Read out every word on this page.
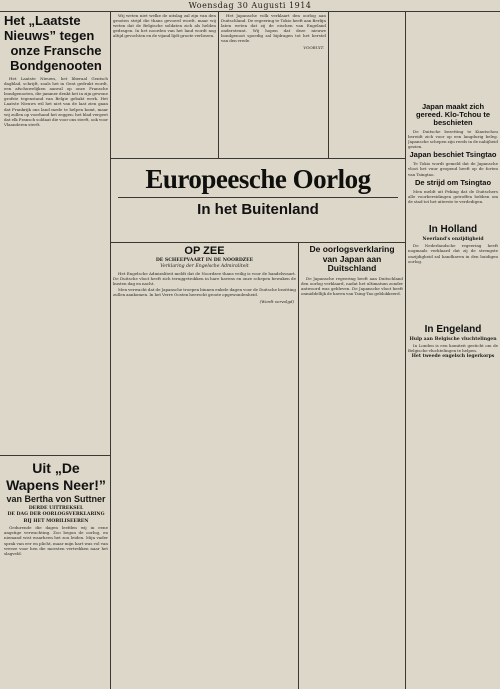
Woensdag 30 Augusti 1914
Het „Laatste Nieuws” tegen
onze Fransche Bondgenooten

Het Laatste Nieuws, het liberaal Gentsch dagblad, schrijft, zoals het in Gent gedrukt wordt, een afschuwelijken aanval op onze Fransche bondgenooten, die jammer denkt het in zijn gewone grofste tegenstand van Belgie gebakt werk. Het Laatste Nieuws wil het niet van de laat zien gaan dat Frankrijk ons land mede te helpen komt, maar wij zullen op voorhand het zeggen: het blad vergeet dat elk Fransch soldaat die voor ons sterft, ook voor Vlaanderen sterft.

Uit „De Wapens Neer!”
van Bertha von Suttner
DERDE UITTREKSEL
DE DAG DER OORLOGSVERKLARING
BIJ HET MOBILISEEREN

Gedurende die dagen leefden wij in eene angstige verwachting. Zoo begon de oorlog, en niemand wist waarheen het zou leiden. Mijn vader sprak van eer en plicht, maar mijn hart was vol van vreeze voor hen die moesten vertrekken naar het slagveld.

Wij weten niet welke de uitslag zal zijn van den grooten strijd die thans gevoerd wordt, maar wij weten dat de Belgische soldaten zich als helden gedragen. In het noorden van het land wordt nog altijd gevochten en de vijand lijdt groote verliezen.

Het Japansche volk verklaart den oorlog aan Duitschland. De regeering te Tokio heeft aan Berlijn laten weten dat zij de eischen van Engeland ondersteunt. Wij hopen dat deze nieuwe bondgenoot spoedig zal bijdragen tot het herstel van den vrede.

VOORUIT.
Europeesche Oorlog
In het Buitenland
OP ZEE
DE SCHEEPVAART IN DE NOORDZEE
Verklaring der Engelsche Admiraliteit

Het Engelsche Admiraliteit meldt dat de Noordzee thans veilig is voor de handelsvaart. De Duitsche vloot heeft zich teruggetrokken in hare havens en onze schepen bewaken de kusten dag en nacht.

Men verwacht dat de Japansche troepen binnen enkele dagen voor de Duitsche bezitting zullen aankomen. In het Verre Oosten heerscht groote opgewondenheid.

(Wordt vervolgd)
De oorlogsverklaring van Japan aan Duitschland

De Japansche regeering heeft aan Duitschland den oorlog verklaard, nadat het ultimatum zonder antwoord was gebleven. De Japansche vloot heeft onmiddellijk de haven van Tsing-Tao geblokkeerd.

Japan maakt zich gereed. Klo-Tchou te beschieten

De Duitsche bezetting te Kiautschou bereidt zich voor op een langdurig beleg. Japansche schepen zijn reeds in de nabijheid gezien.

Japan beschiet Tsingtao

Te Tokio wordt gemeld dat de Japansche vloot het vuur geopend heeft op de forten van Tsingtao.

De strijd om Tsingtao

Men meldt uit Peking dat de Duitschers alle voorbereidingen getroffen hebben om de stad tot het uiterste te verdedigen.

In Holland
Neerland's onzijdigheid

De Nederlandsche regeering heeft nogmaals verklaard dat zij de strengste onzijdigheid zal handhaven in den huidigen oorlog.

In Engeland
Hulp aan Belgische vluchtelingen

In Londen is een komiteit gesticht om de Belgische vluchtelingen te helpen.

Het tweede engelsch legerkorps
